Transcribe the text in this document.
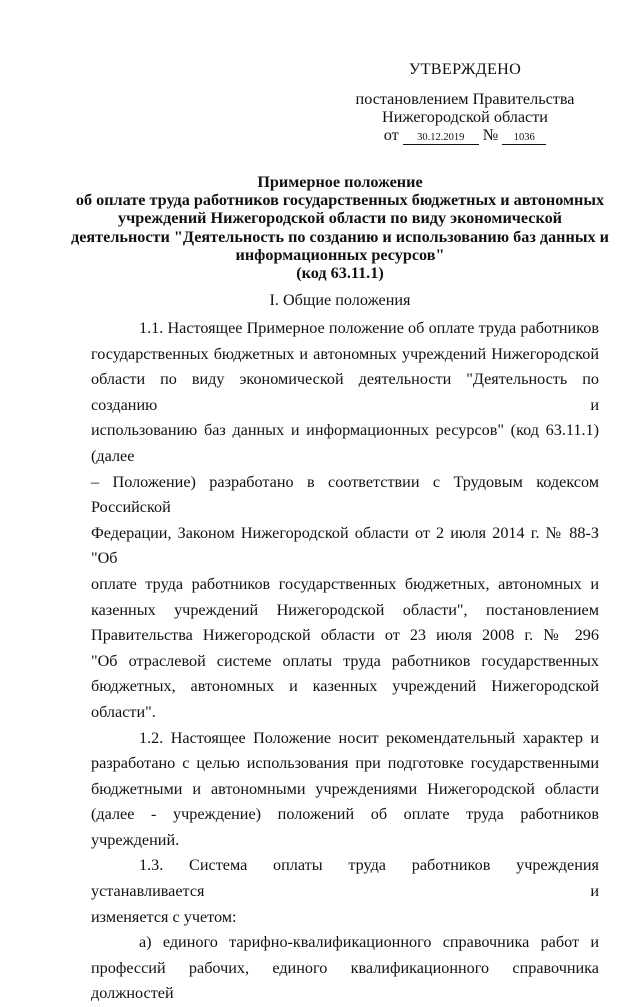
УТВЕРЖДЕНО
постановлением Правительства
Нижегородской области
от 30.12.2019 № 1036
Примерное положение
об оплате труда работников государственных бюджетных и автономных
учреждений Нижегородской области по виду экономической
деятельности "Деятельность по созданию и использованию баз данных и
информационных ресурсов"
(код 63.11.1)
I. Общие положения
1.1. Настоящее Примерное положение об оплате труда работников
государственных бюджетных и автономных учреждений Нижегородской
области по виду экономической деятельности "Деятельность по созданию и
использованию баз данных и информационных ресурсов" (код 63.11.1) (далее
– Положение) разработано в соответствии с Трудовым кодексом Российской
Федерации, Законом Нижегородской области от 2 июля 2014 г. № 88-З "Об
оплате труда работников государственных бюджетных, автономных и
казенных учреждений Нижегородской области", постановлением
Правительства Нижегородской области от 23 июля 2008 г. № 296
"Об отраслевой системе оплаты труда работников государственных
бюджетных, автономных и казенных учреждений Нижегородской области".
1.2. Настоящее Положение носит рекомендательный характер и
разработано с целью использования при подготовке государственными
бюджетными и автономными учреждениями Нижегородской области
(далее - учреждение) положений об оплате труда работников учреждений.
1.3. Система оплаты труда работников учреждения устанавливается и
изменяется с учетом:
а) единого тарифно-квалификационного справочника работ и
профессий рабочих, единого квалификационного справочника должностей
